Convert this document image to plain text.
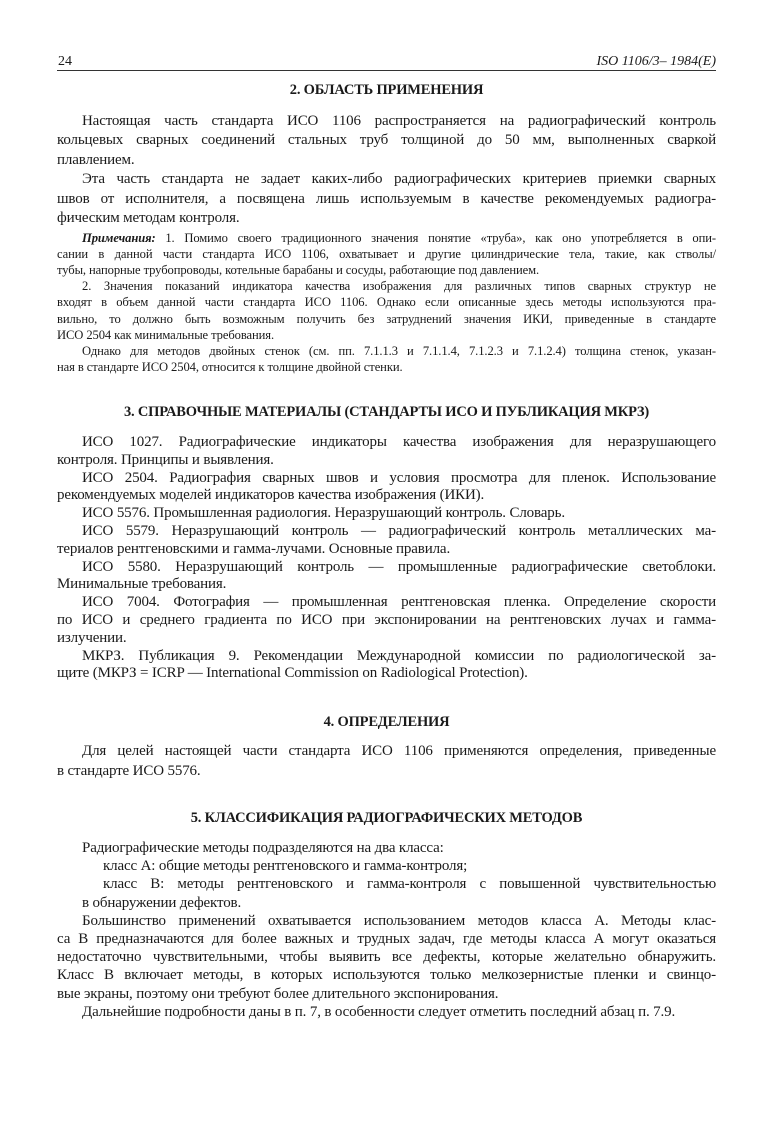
24	ISO 1106/3– 1984(E)
2. ОБЛАСТЬ ПРИМЕНЕНИЯ
Настоящая часть стандарта ИСО 1106 распространяется на радиографический контроль
кольцевых сварных соединений стальных труб толщиной до 50 мм, выполненных сваркой
плавлением.
Эта часть стандарта не задает каких-либо радиографических критериев приемки сварных
швов от исполнителя, а посвящена лишь используемым в качестве рекомендуемых радиогра-
фическим методам контроля.
Примечания: 1. Помимо своего традиционного значения понятие «труба», как оно употребляется в опи-
сании в данной части стандарта ИСО 1106, охватывает и другие цилиндрические тела, такие, как стволы/
тубы, напорные трубопроводы, котельные барабаны и сосуды, работающие под давлением.
2. Значения показаний индикатора качества изображения для различных типов сварных структур не
входят в объем данной части стандарта ИСО 1106. Однако если описанные здесь методы используются пра-
вильно, то должно быть возможным получить без затруднений значения ИКИ, приведенные в стандарте
ИСО 2504 как минимальные требования.
Однако для методов двойных стенок (см. пп. 7.1.1.3 и 7.1.1.4, 7.1.2.3 и 7.1.2.4) толщина стенок, указан-
ная в стандарте ИСО 2504, относится к толщине двойной стенки.
3. СПРАВОЧНЫЕ МАТЕРИАЛЫ (СТАНДАРТЫ ИСО И ПУБЛИКАЦИЯ МКРЗ)
ИСО 1027. Радиографические индикаторы качества изображения для неразрушающего
контроля. Принципы и выявления.
ИСО 2504. Радиография сварных швов и условия просмотра для пленок. Использование
рекомендуемых моделей индикаторов качества изображения (ИКИ).
ИСО 5576. Промышленная радиология. Неразрушающий контроль. Словарь.
ИСО 5579. Неразрушающий контроль — радиографический контроль металлических ма-
териалов рентгеновскими и гамма-лучами. Основные правила.
ИСО 5580. Неразрушающий контроль — промышленные радиографические светоблоки.
Минимальные требования.
ИСО 7004. Фотография — промышленная рентгеновская пленка. Определение скорости
по ИСО и среднего градиента по ИСО при экспонировании на рентгеновских лучах и гамма-
излучении.
МКРЗ. Публикация 9. Рекомендации Международной комиссии по радиологической за-
щите (МКРЗ = ICRP — International Commission on Radiological Protection).
4. ОПРЕДЕЛЕНИЯ
Для целей настоящей части стандарта ИСО 1106 применяются определения, приведенные
в стандарте ИСО 5576.
5. КЛАССИФИКАЦИЯ РАДИОГРАФИЧЕСКИХ МЕТОДОВ
Радиографические методы подразделяются на два класса:
класс А: общие методы рентгеновского и гамма-контроля;
класс В: методы рентгеновского и гамма-контроля с повышенной чувствительностью
в обнаружении дефектов.
Большинство применений охватывается использованием методов класса А. Методы клас-
са В предназначаются для более важных и трудных задач, где методы класса А могут оказаться
недостаточно чувствительными, чтобы выявить все дефекты, которые желательно обнаружить.
Класс В включает методы, в которых используются только мелкозернистые пленки и свинцо-
вые экраны, поэтому они требуют более длительного экспонирования.
Дальнейшие подробности даны в п. 7, в особенности следует отметить последний абзац п. 7.9.
